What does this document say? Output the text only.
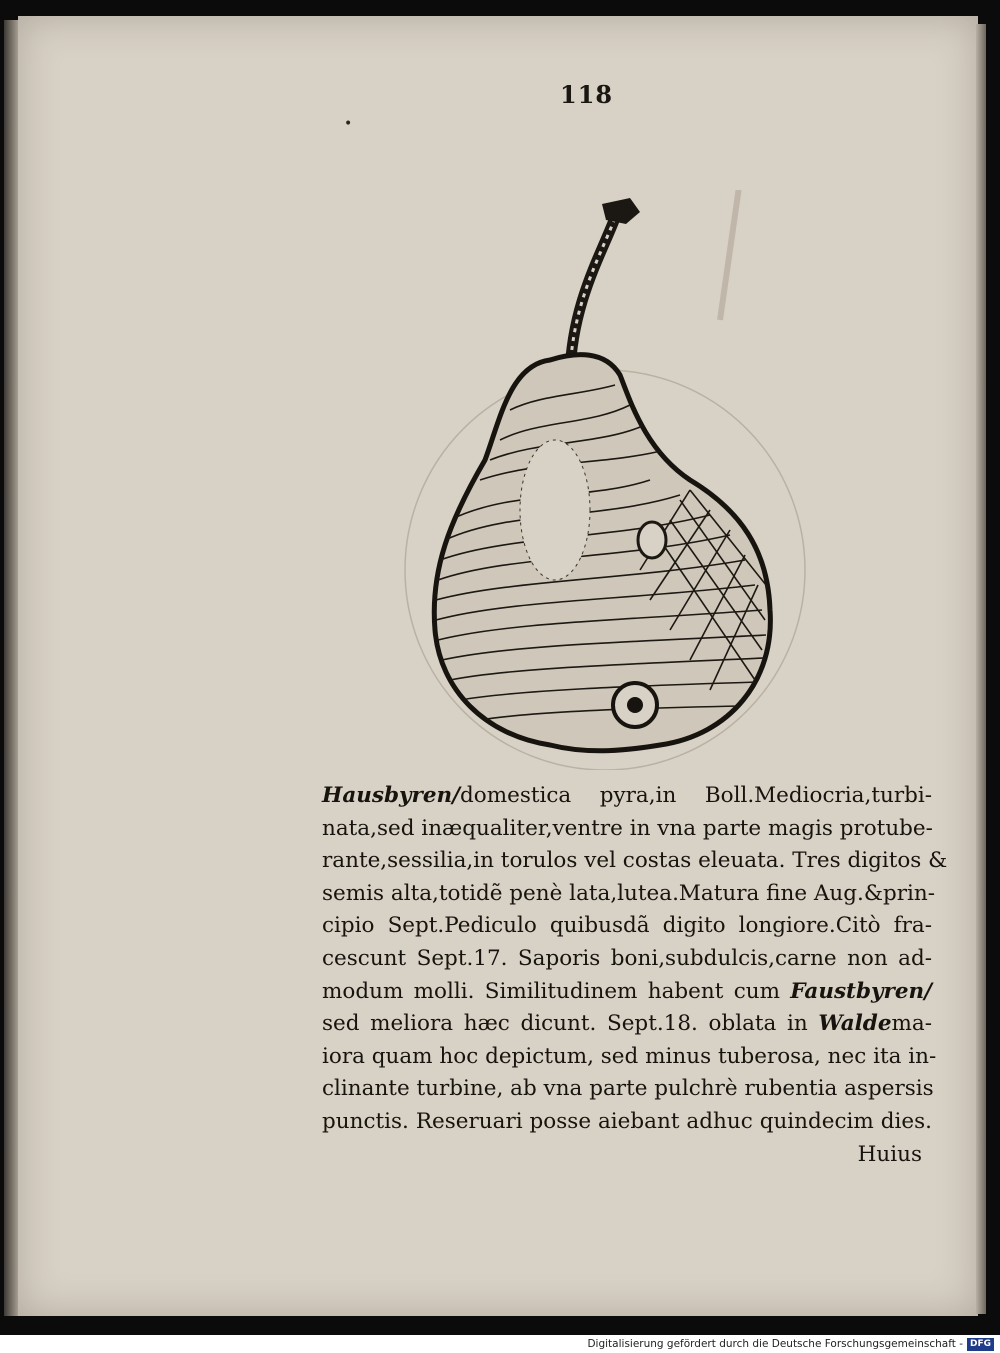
•
118
Hausbyren/domestica pyra,in Boll.Mediocria,turbi-
nata,sed inæqualiter,ventre in vna parte magis protube-
rante,sessilia,in torulos vel costas eleuata. Tres digitos &
semis alta,totidẽ penè lata,lutea.Matura fine Aug.&prin-
cipio Sept.Pediculo quibusdã digito longiore.Citò fra-
cescunt Sept.17. Saporis boni,subdulcis,carne non ad-
modum molli. Similitudinem habent cum Faustbyren/
sed meliora hæc dicunt. Sept.18. oblata in Waldema-
iora quam hoc depictum, sed minus tuberosa, nec ita in-
clinante turbine, ab vna parte pulchrè rubentia aspersis
punctis. Reseruari posse aiebant adhuc quindecim dies.
Huius
Digitalisierung gefördert durch die Deutsche Forschungsgemeinschaft - DFG
